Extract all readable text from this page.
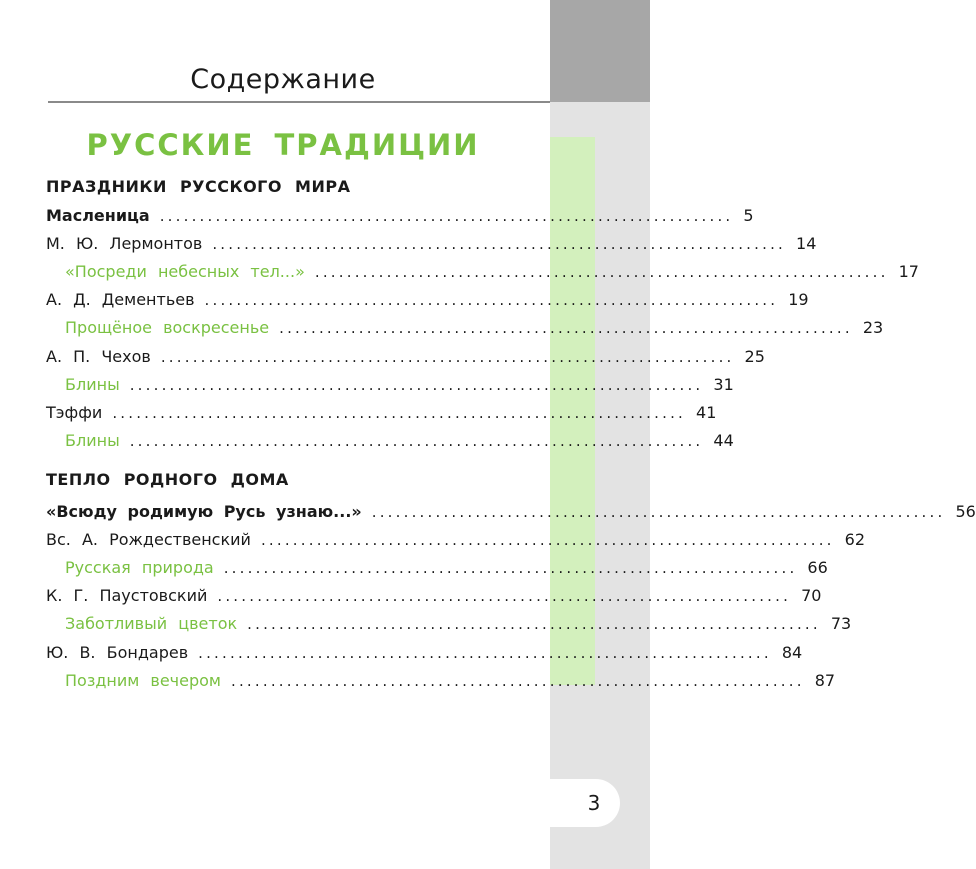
Содержание
РУССКИЕ ТРАДИЦИИ
ПРАЗДНИКИ РУССКОГО МИРА
Масленица ........................................................................ 5
М. Ю. Лермонтов ........................................................................ 14
«Посреди небесных тел...» ........................................................................ 17
А. Д. Дементьев ........................................................................ 19
Прощёное воскресенье ........................................................................ 23
А. П. Чехов ........................................................................ 25
Блины ........................................................................ 31
Тэффи ........................................................................ 41
Блины ........................................................................ 44
ТЕПЛО РОДНОГО ДОМА
«Всюду родимую Русь узнаю...» ........................................................................ 56
Вс. А. Рождественский ........................................................................ 62
Русская природа ........................................................................ 66
К. Г. Паустовский ........................................................................ 70
Заботливый цветок ........................................................................ 73
Ю. В. Бондарев ........................................................................ 84
Поздним вечером ........................................................................ 87
3
